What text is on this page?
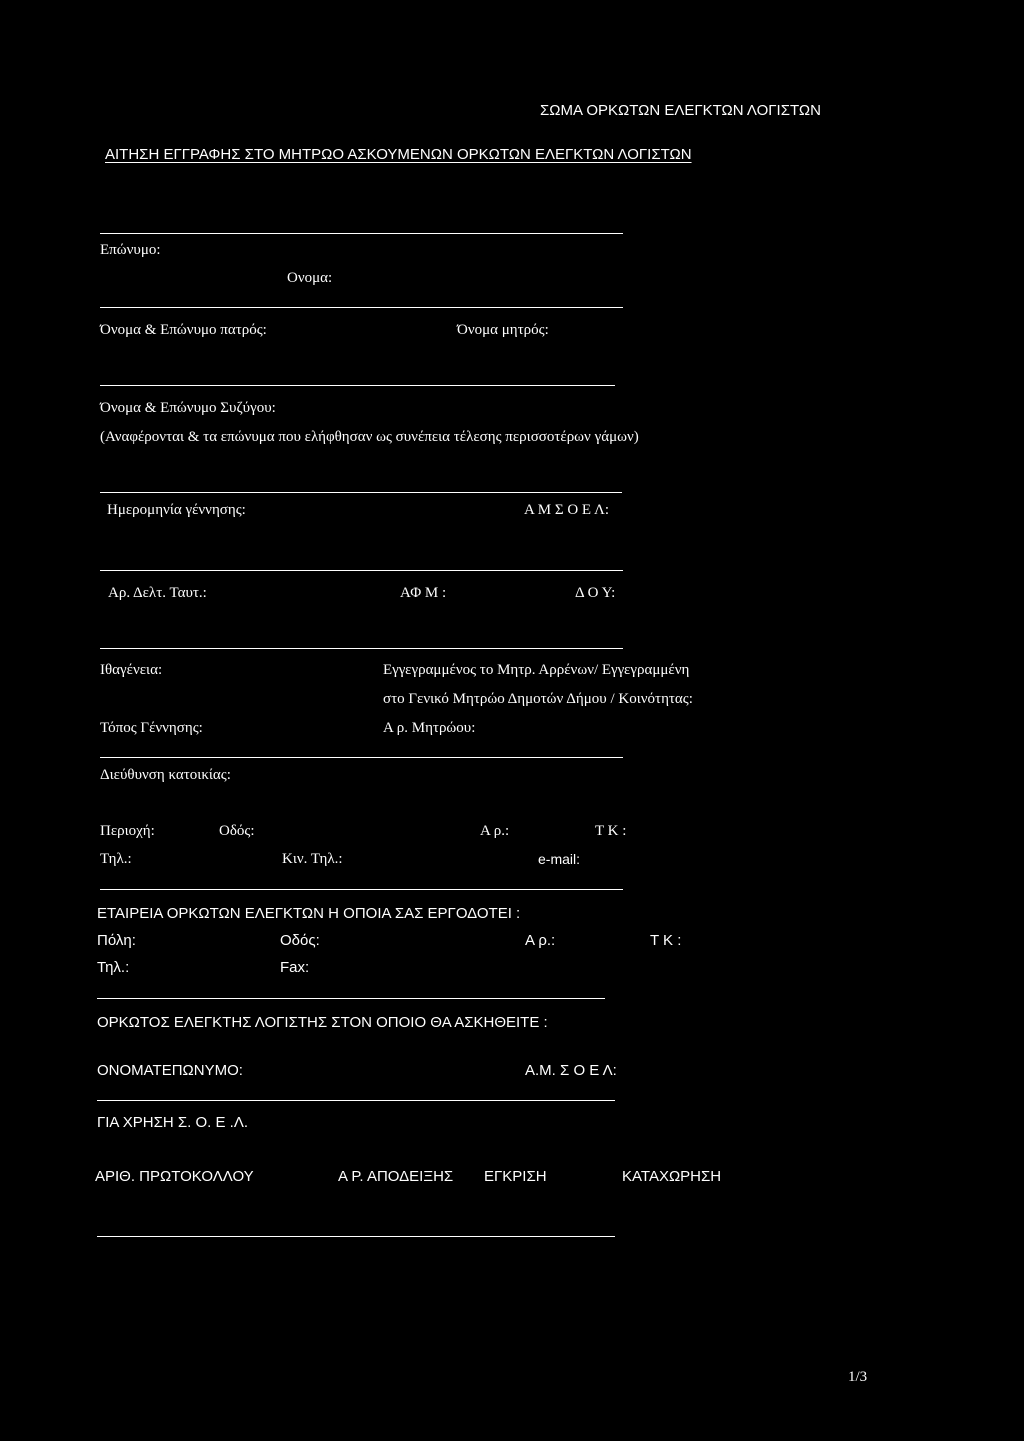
ΣΩΜΑ ΟΡΚΩΤΩΝ ΕΛΕΓΚΤΩΝ ΛΟΓΙΣΤΩΝ
ΑΙΤΗΣΗ ΕΓΓΡΑΦΗΣ ΣΤΟ ΜΗΤΡΩΟ ΑΣΚΟΥΜΕΝΩΝ ΟΡΚΩΤΩΝ ΕΛΕΓΚΤΩΝ ΛΟΓΙΣΤΩΝ
Επώνυμο:
Ονομα:
Όνομα & Επώνυμο πατρός:	Όνομα μητρός:
Όνομα & Επώνυμο Συζύγου:
(Αναφέρονται & τα επώνυμα που ελήφθησαν ως συνέπεια τέλεσης περισσοτέρων γάμων)
Ημερομηνία γέννησης:	Α Μ Σ Ο Ε Λ:
Αρ. Δελτ. Ταυτ.:	ΑΦ Μ :	Δ Ο Υ:
Ιθαγένεια:	Εγγεγραμμένος το Μητρ. Αρρένων/ Εγγεγραμμένη
στο Γενικό Μητρώο Δημοτών Δήμου / Κοινότητας:
Τόπος Γέννησης:	Α ρ. Μητρώου:
Διεύθυνση κατοικίας:
Περιοχή:	Οδός:	Α ρ.:	Τ Κ :
Τηλ.:	Κιν. Τηλ.:	e-mail:
ΕΤΑΙΡΕΙΑ ΟΡΚΩΤΩΝ ΕΛΕΓΚΤΩΝ Η ΟΠΟΙΑ ΣΑΣ ΕΡΓΟΔΟΤΕΙ :
Πόλη:	Οδός:	Α ρ.:	Τ Κ :
Τηλ.:	Fax:
ΟΡΚΩΤΟΣ ΕΛΕΓΚΤΗΣ ΛΟΓΙΣΤΗΣ ΣΤΟΝ ΟΠΟΙΟ ΘΑ ΑΣΚΗΘΕΙΤΕ :
ΟΝΟΜΑΤΕΠΩΝΥΜΟ:	Α.Μ. Σ Ο Ε Λ:
ΓΙΑ ΧΡΗΣΗ Σ. Ο. Ε .Λ.
ΑΡΙΘ. ΠΡΩΤΟΚΟΛΛΟΥ	Α Ρ. ΑΠΟΔΕΙΞΗΣ ΕΓΚΡΙΣΗ	ΚΑΤΑΧΩΡΗΣΗ
1/3
